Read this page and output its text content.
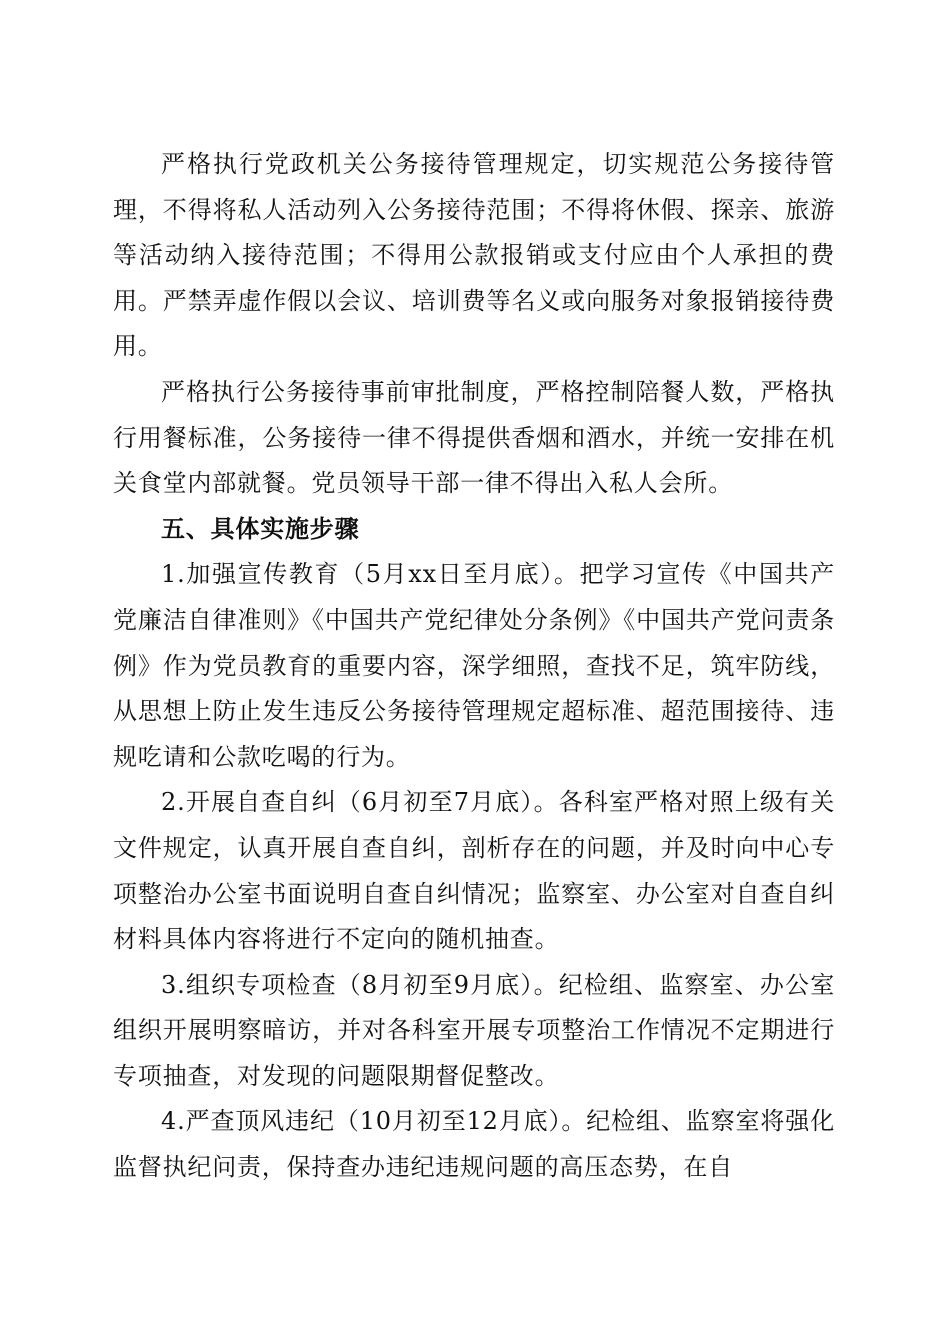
严格执行党政机关公务接待管理规定，切实规范公务接待管理，不得将私人活动列入公务接待范围；不得将休假、探亲、旅游等活动纳入接待范围；不得用公款报销或支付应由个人承担的费用。严禁弄虚作假以会议、培训费等名义或向服务对象报销接待费用。

严格执行公务接待事前审批制度，严格控制陪餐人数，严格执行用餐标准，公务接待一律不得提供香烟和酒水，并统一安排在机关食堂内部就餐。党员领导干部一律不得出入私人会所。

五、具体实施步骤

1.加强宣传教育（5月xx日至月底）。把学习宣传《中国共产党廉洁自律准则》《中国共产党纪律处分条例》《中国共产党问责条例》作为党员教育的重要内容，深学细照，查找不足，筑牢防线，从思想上防止发生违反公务接待管理规定超标准、超范围接待、违规吃请和公款吃喝的行为。

2.开展自查自纠（6月初至7月底）。各科室严格对照上级有关文件规定，认真开展自查自纠，剖析存在的问题，并及时向中心专项整治办公室书面说明自查自纠情况；监察室、办公室对自查自纠材料具体内容将进行不定向的随机抽查。

3.组织专项检查（8月初至9月底）。纪检组、监察室、办公室组织开展明察暗访，并对各科室开展专项整治工作情况不定期进行专项抽查，对发现的问题限期督促整改。

4.严查顶风违纪（10月初至12月底）。纪检组、监察室将强化监督执纪问责，保持查办违纪违规问题的高压态势，在自
